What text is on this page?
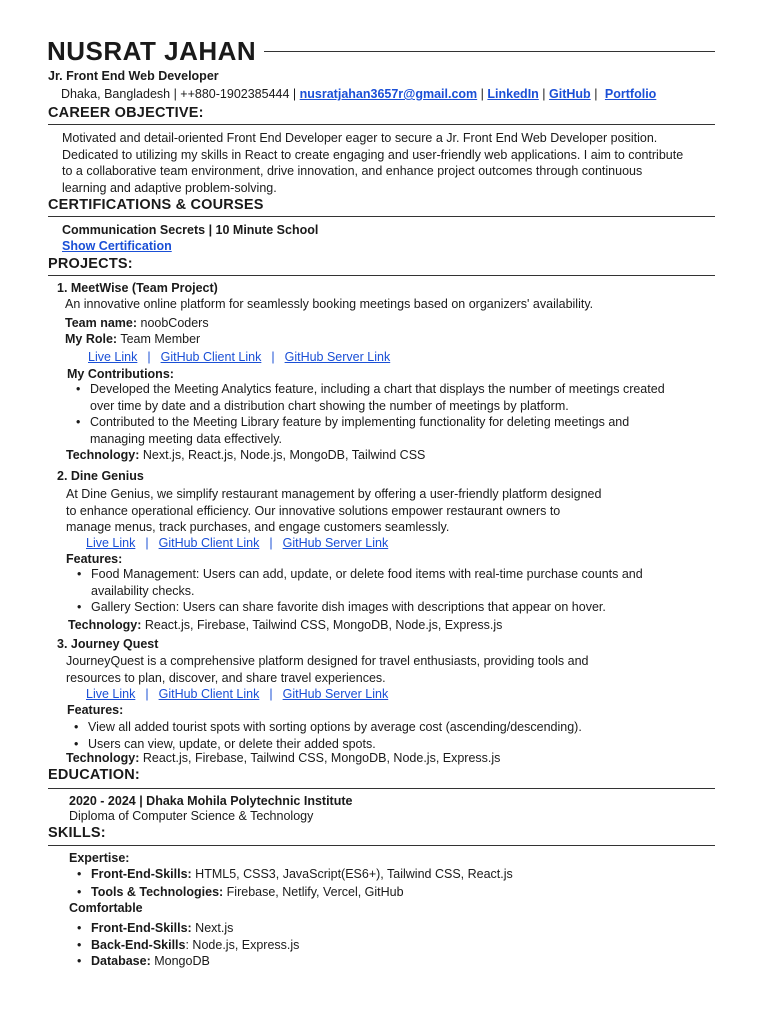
NUSRAT JAHAN
Jr. Front End Web Developer
Dhaka, Bangladesh | ++880-1902385444 | nusratjahan3657r@gmail.com | LinkedIn | GitHub | Portfolio
CAREER OBJECTIVE:
Motivated and detail-oriented Front End Developer eager to secure a Jr. Front End Web Developer position.
Dedicated to utilizing my skills in React to create engaging and user-friendly web applications. I aim to contribute
to a collaborative team environment, drive innovation, and enhance project outcomes through continuous
learning and adaptive problem-solving.
CERTIFICATIONS & COURSES
Communication Secrets | 10 Minute School
Show Certification
PROJECTS:
1. MeetWise (Team Project)
An innovative online platform for seamlessly booking meetings based on organizers' availability.
Team name: noobCoders
My Role: Team Member
Live Link | GitHub Client Link | GitHub Server Link
My Contributions:
• Developed the Meeting Analytics feature, including a chart that displays the number of meetings created
over time by date and a distribution chart showing the number of meetings by platform.
• Contributed to the Meeting Library feature by implementing functionality for deleting meetings and
managing meeting data effectively.
Technology: Next.js, React.js, Node.js, MongoDB, Tailwind CSS
2. Dine Genius
At Dine Genius, we simplify restaurant management by offering a user-friendly platform designed
to enhance operational efficiency. Our innovative solutions empower restaurant owners to
manage menus, track purchases, and engage customers seamlessly.
Live Link | GitHub Client Link | GitHub Server Link
Features:
• Food Management: Users can add, update, or delete food items with real-time purchase counts and
availability checks.
• Gallery Section: Users can share favorite dish images with descriptions that appear on hover.
Technology: React.js, Firebase, Tailwind CSS, MongoDB, Node.js, Express.js
3. Journey Quest
JourneyQuest is a comprehensive platform designed for travel enthusiasts, providing tools and
resources to plan, discover, and share travel experiences.
Live Link | GitHub Client Link | GitHub Server Link
Features:
• View all added tourist spots with sorting options by average cost (ascending/descending).
• Users can view, update, or delete their added spots.
Technology: React.js, Firebase, Tailwind CSS, MongoDB, Node.js, Express.js
EDUCATION:
2020 - 2024 | Dhaka Mohila Polytechnic Institute
Diploma of Computer Science & Technology
SKILLS:
Expertise:
• Front-End-Skills: HTML5, CSS3, JavaScript(ES6+), Tailwind CSS, React.js
• Tools & Technologies: Firebase, Netlify, Vercel, GitHub
Comfortable
• Front-End-Skills: Next.js
• Back-End-Skills: Node.js, Express.js
• Database: MongoDB
